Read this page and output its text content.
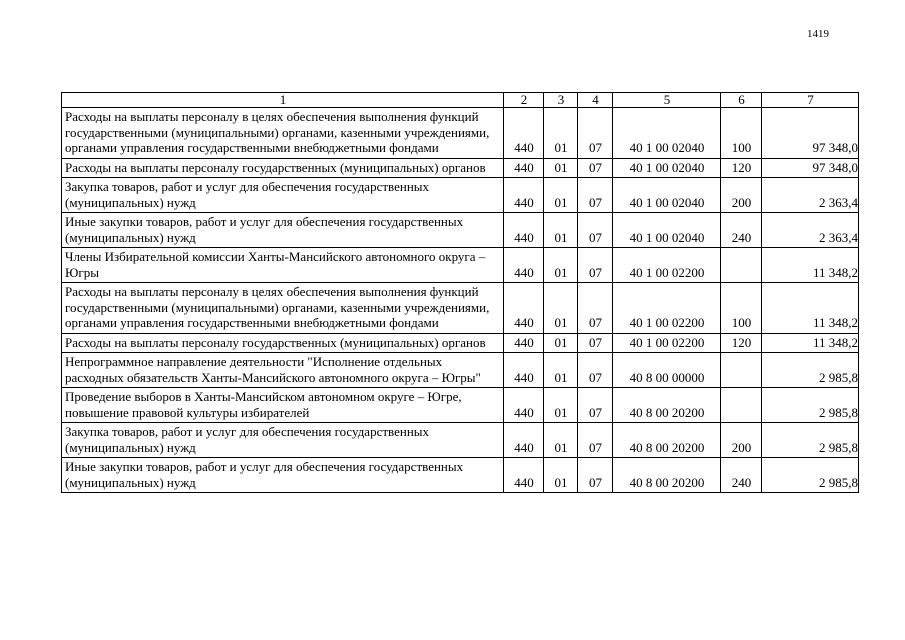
1419
1	2	3	4	5	6	7
Расходы на выплаты персоналу в целях обеспечения выполнения функций государственными (муниципальными) органами, казенными учреждениями, органами управления государственными внебюджетными фондами	440	01	07	40 1 00 02040	100	97 348,0
Расходы на выплаты персоналу государственных (муниципальных) органов	440	01	07	40 1 00 02040	120	97 348,0
Закупка товаров, работ и услуг для обеспечения государственных (муниципальных) нужд	440	01	07	40 1 00 02040	200	2 363,4
Иные закупки товаров, работ и услуг для обеспечения государственных (муниципальных) нужд	440	01	07	40 1 00 02040	240	2 363,4
Члены Избирательной комиссии Ханты-Мансийского автономного округа – Югры	440	01	07	40 1 00 02200		11 348,2
Расходы на выплаты персоналу в целях обеспечения выполнения функций государственными (муниципальными) органами, казенными учреждениями, органами управления государственными внебюджетными фондами	440	01	07	40 1 00 02200	100	11 348,2
Расходы на выплаты персоналу государственных (муниципальных) органов	440	01	07	40 1 00 02200	120	11 348,2
Непрограммное направление деятельности "Исполнение отдельных расходных обязательств Ханты-Мансийского автономного округа – Югры"	440	01	07	40 8 00 00000		2 985,8
Проведение выборов в Ханты-Мансийском автономном округе – Югре, повышение правовой культуры избирателей	440	01	07	40 8 00 20200		2 985,8
Закупка товаров, работ и услуг для обеспечения государственных (муниципальных) нужд	440	01	07	40 8 00 20200	200	2 985,8
Иные закупки товаров, работ и услуг для обеспечения государственных (муниципальных) нужд	440	01	07	40 8 00 20200	240	2 985,8
